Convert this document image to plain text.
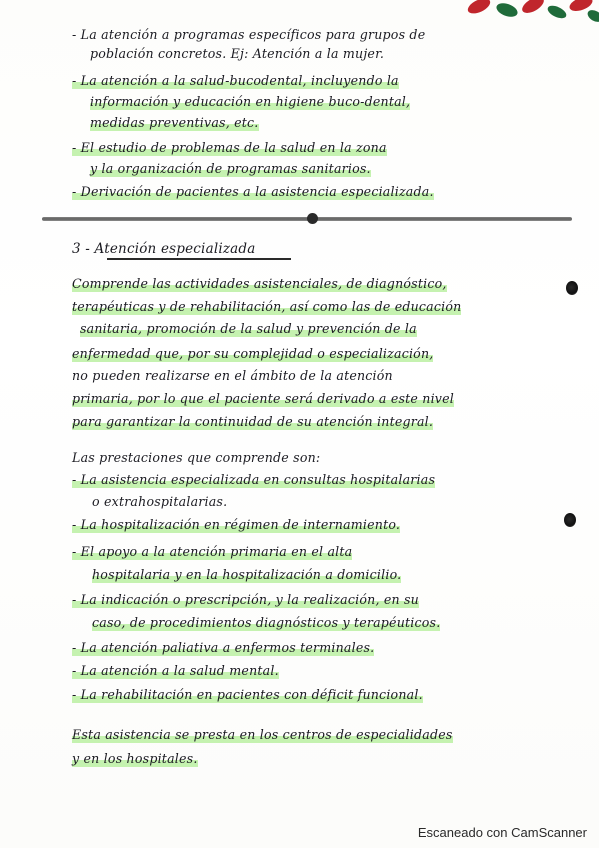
- La atención a programas específicos para grupos de
población concretos. Ej: Atención a la mujer.
- La atención a la salud-bucodental, incluyendo la
información y educación en higiene buco-dental,
medidas preventivas, etc.
- El estudio de problemas de la salud en la zona
y la organización de programas sanitarios.
- Derivación de pacientes a la asistencia especializada.
3 - Atención especializada
Comprende las actividades asistenciales, de diagnóstico,
terapéuticas y de rehabilitación, así como las de educación
sanitaria, promoción de la salud y prevención de la
enfermedad que, por su complejidad o especialización,
no pueden realizarse en el ámbito de la atención
primaria, por lo que el paciente será derivado a este nivel
para garantizar la continuidad de su atención integral.
Las prestaciones que comprende son:
- La asistencia especializada en consultas hospitalarias
o extrahospitalarias.
- La hospitalización en régimen de internamiento.
- El apoyo a la atención primaria en el alta
hospitalaria y en la hospitalización a domicilio.
- La indicación o prescripción, y la realización, en su
caso, de procedimientos diagnósticos y terapéuticos.
- La atención paliativa a enfermos terminales.
- La atención a la salud mental.
- La rehabilitación en pacientes con déficit funcional.
Esta asistencia se presta en los centros de especialidades
y en los hospitales.
Escaneado con CamScanner
